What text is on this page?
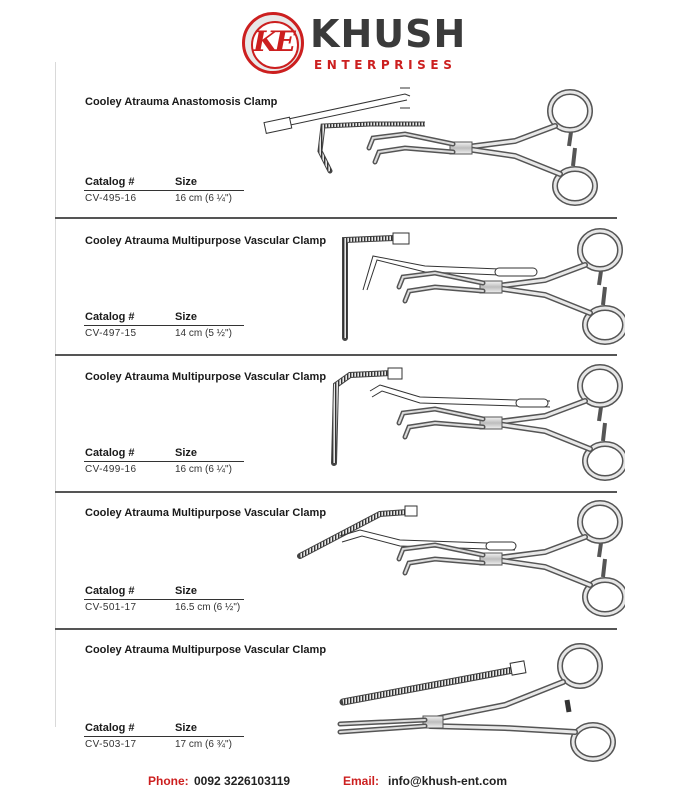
KE KHUSH
ENTERPRISES
Cooley Atrauma Anastomosis Clamp
Catalog #	Size
CV-495-16	16 cm (6 ¼")
Cooley Atrauma Multipurpose Vascular Clamp
Catalog #	Size
CV-497-15	14 cm (5 ½")
Cooley Atrauma Multipurpose Vascular Clamp
Catalog #	Size
CV-499-16	16 cm (6 ¼")
Cooley Atrauma Multipurpose Vascular Clamp
Catalog #	Size
CV-501-17	16.5 cm (6 ½")
Cooley Atrauma Multipurpose Vascular Clamp
Catalog #	Size
CV-503-17	17 cm (6 ¾")
Phone: 0092 3226103119	Email: info@khush-ent.com
